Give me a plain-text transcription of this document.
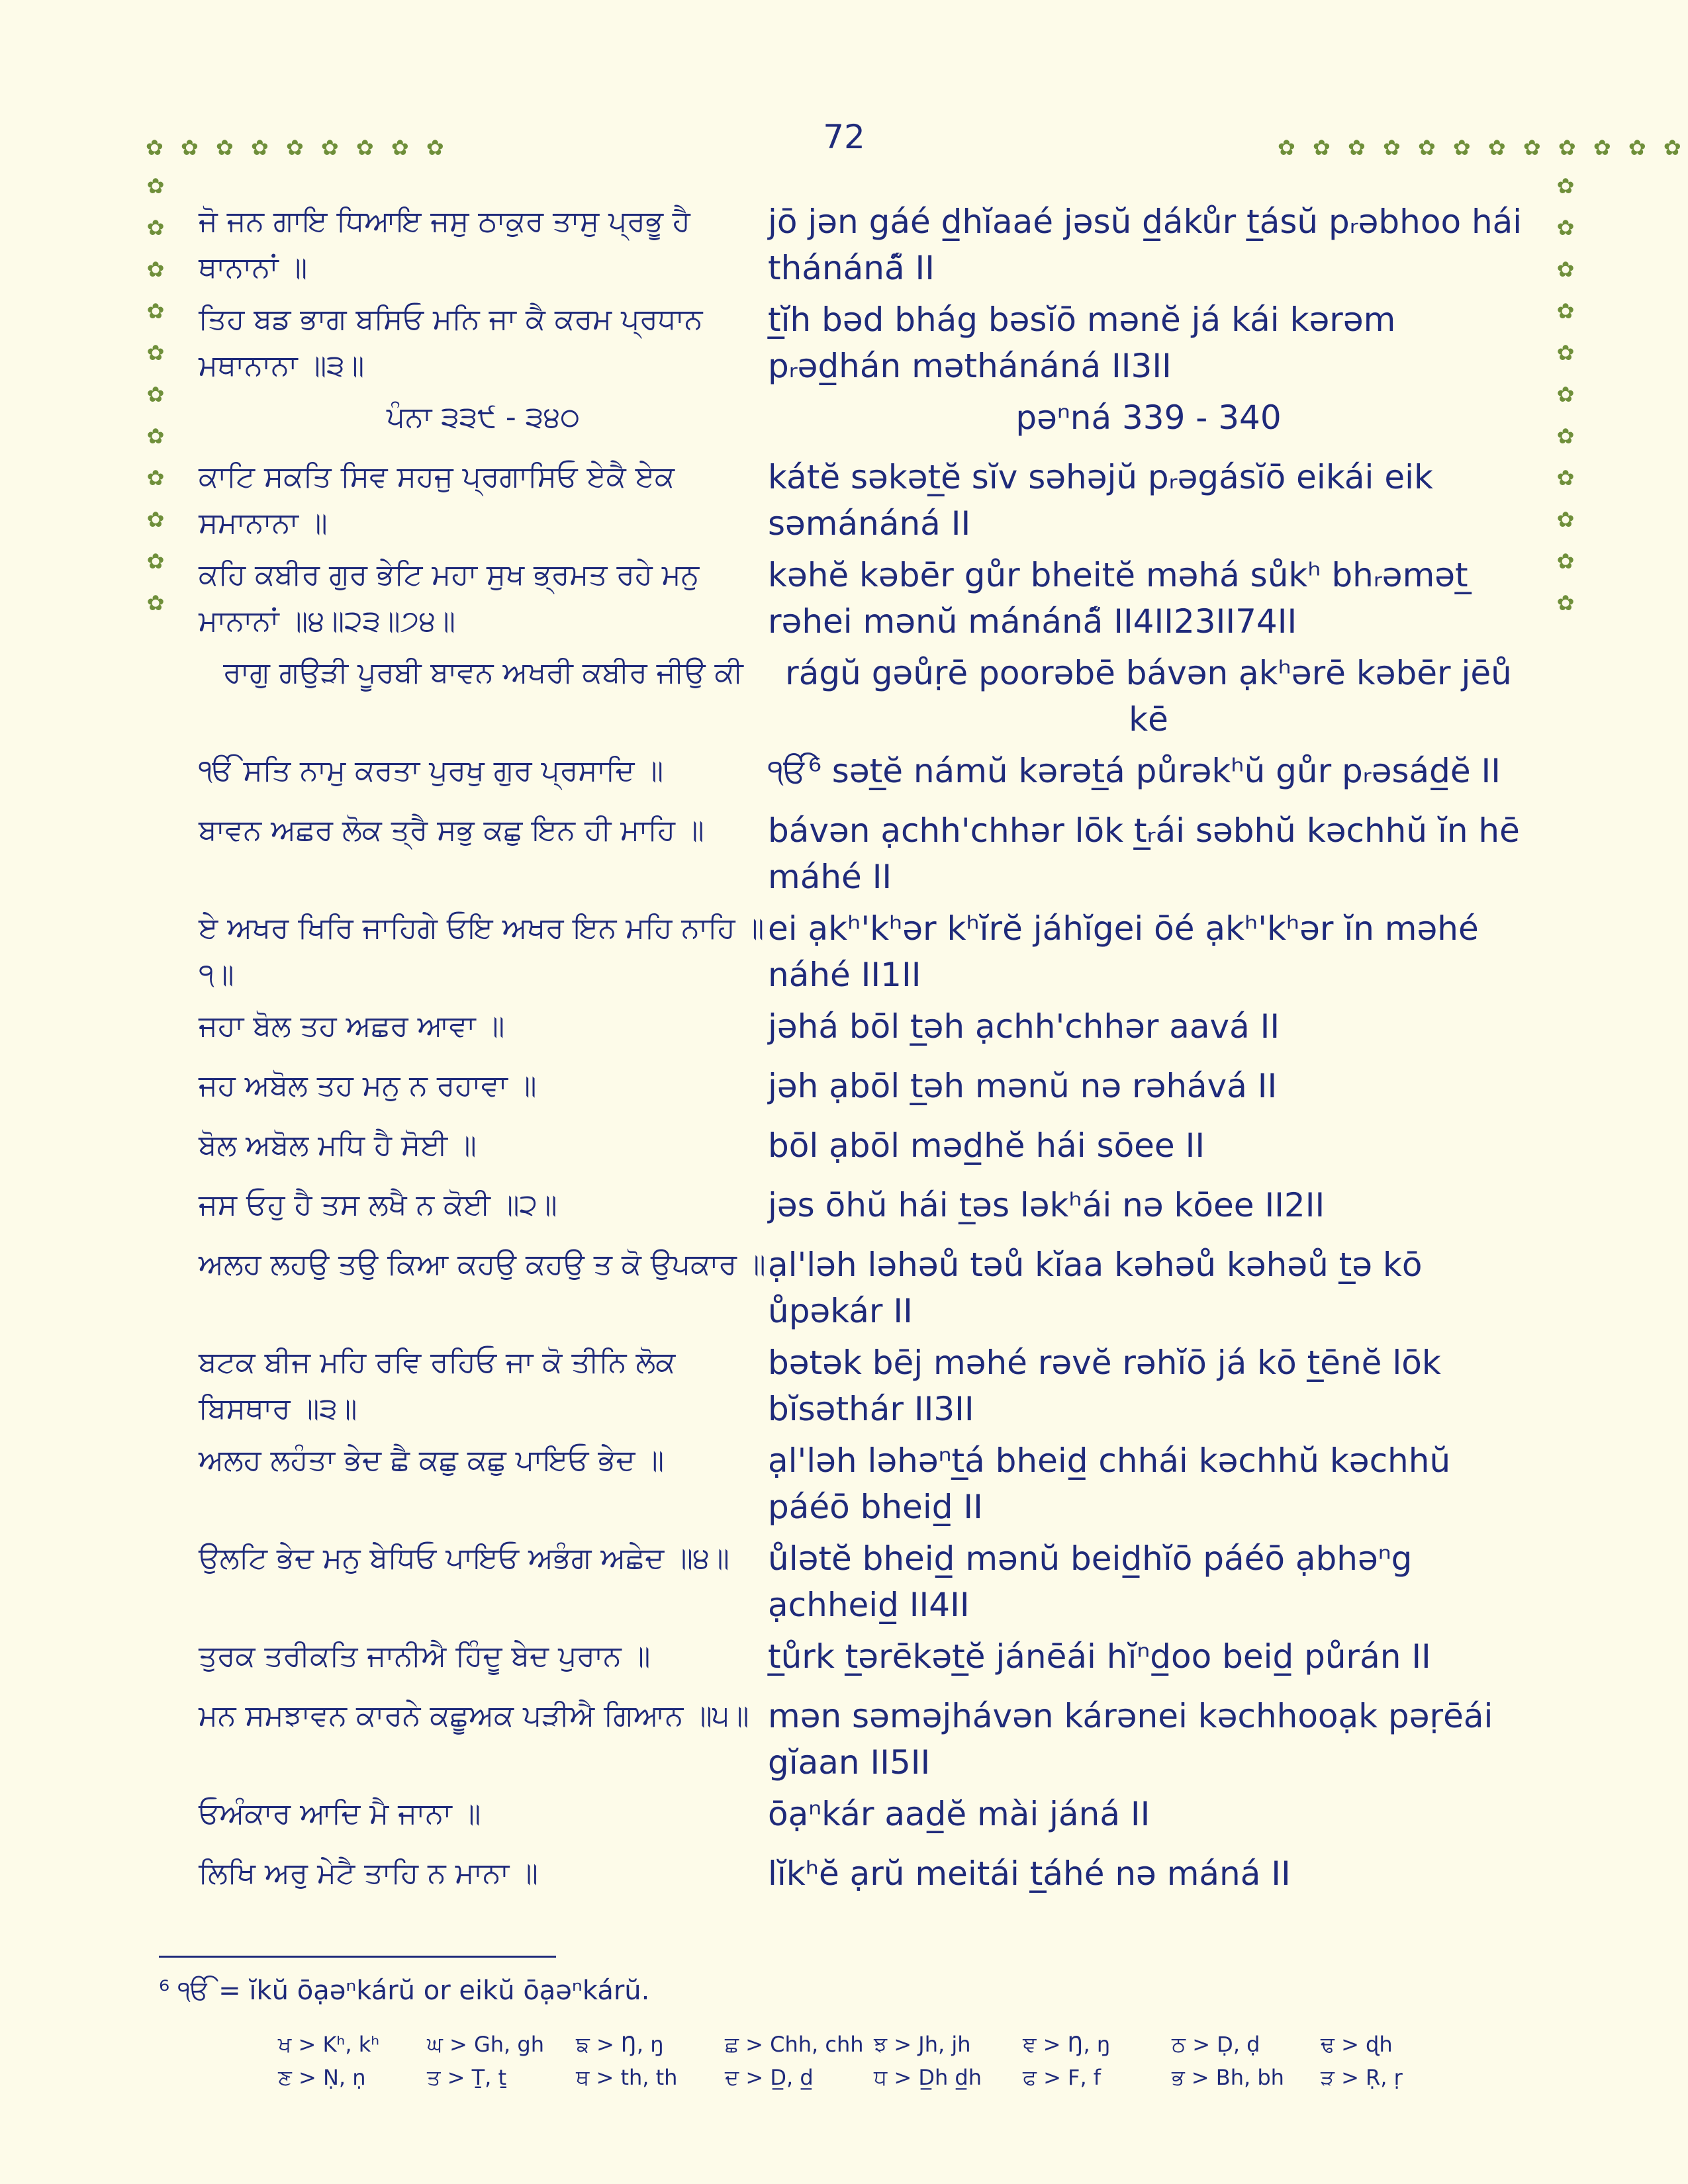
72
✿ ✿ ✿ ✿ ✿ ✿ ✿ ✿ ✿	✿ ✿ ✿ ✿ ✿ ✿ ✿ ✿ ✿ ✿ ✿ ✿
✿
✿
✿
✿
✿
✿
✿
✿
✿
✿
✿
✿
✿
✿
✿
✿
✿
✿
✿
✿
✿
✿
ਜੋ ਜਨ ਗਾਇ ਧਿਆਇ ਜਸੁ ਠਾਕੁਰ ਤਾਸੁ ਪ੍ਰਭੂ ਹੈ ਥਾਨਾਨਾਂ ॥
jō jən gáé d̲hĭaaé jəsŭ d̲ákůr t̲ásŭ pᵣəbhoo hái thánáná̃ II
ਤਿਹ ਬਡ ਭਾਗ ਬਸਿਓ ਮਨਿ ਜਾ ਕੈ ਕਰਮ ਪ੍ਰਧਾਨ ਮਥਾਨਾਨਾ ॥੩॥
t̲ĭh bəd bhág bəsĭō mənĕ já kái kərəm pᵣəd̲hán məthánáná II3II
ਪੰਨਾ ੩੩੯ - ੩੪੦	pəⁿná 339 - 340
ਕਾਟਿ ਸਕਤਿ ਸਿਵ ਸਹਜੁ ਪ੍ਰਗਾਸਿਓ ਏਕੈ ਏਕ ਸਮਾਨਾਨਾ ॥
kátĕ səkət̲ĕ sĭv səhəjŭ pᵣəgásĭō eikái eik səmánáná II
ਕਹਿ ਕਬੀਰ ਗੁਰ ਭੇਟਿ ਮਹਾ ਸੁਖ ਭ੍ਰਮਤ ਰਹੇ ਮਨੁ ਮਾਨਾਨਾਂ ॥੪॥੨੩॥੭੪॥
kəhĕ kəbēr gůr bheitĕ məhá sůkʰ bhᵣəmət̲ rəhei mənŭ mánáná̃ II4II23II74II
ਰਾਗੁ ਗਉੜੀ ਪੂਰਬੀ ਬਾਵਨ ਅਖਰੀ ਕਬੀਰ ਜੀਉ ਕੀ	rágŭ gəůṛē poorəbē bávən ạkʰərē kəbēr jēů kē
ੴ ਸਤਿ ਨਾਮੁ ਕਰਤਾ ਪੁਰਖੁ ਗੁਰ ਪ੍ਰਸਾਦਿ ॥	ੴ⁶ sət̲ĕ námŭ kərət̲á půrəkʰŭ gůr pᵣəsád̲ĕ II
ਬਾਵਨ ਅਛਰ ਲੋਕ ਤ੍ਰੈ ਸਭੁ ਕਛੁ ਇਨ ਹੀ ਮਾਹਿ ॥	bávən ạchh'chhər lōk t̲ᵣái səbhŭ kəchhŭ ĭn hē máhé II
ਏ ਅਖਰ ਖਿਰਿ ਜਾਹਿਗੇ ਓਇ ਅਖਰ ਇਨ ਮਹਿ ਨਾਹਿ ॥੧॥
ei ạkʰ'kʰər kʰĭrĕ jáhĭgei ōé ạkʰ'kʰər ĭn məhé náhé II1II
ਜਹਾ ਬੋਲ ਤਹ ਅਛਰ ਆਵਾ ॥	jəhá bōl t̲əh ạchh'chhər aavá II
ਜਹ ਅਬੋਲ ਤਹ ਮਨੁ ਨ ਰਹਾਵਾ ॥	jəh ạbōl t̲əh mənŭ nə rəhává II
ਬੋਲ ਅਬੋਲ ਮਧਿ ਹੈ ਸੋਈ ॥	bōl ạbōl məd̲hĕ hái sōee II
ਜਸ ਓਹੁ ਹੈ ਤਸ ਲਖੈ ਨ ਕੋਈ ॥੨॥	jəs ōhŭ hái t̲əs ləkʰái nə kōee II2II
ਅਲਹ ਲਹਉ ਤਉ ਕਿਆ ਕਹਉ ਕਹਉ ਤ ਕੋ ਉਪਕਾਰ ॥ ạl'ləh ləhəů təů kĭaa kəhəů kəhəů t̲ə kō ůpəkár II
ਬਟਕ ਬੀਜ ਮਹਿ ਰਵਿ ਰਹਿਓ ਜਾ ਕੋ ਤੀਨਿ ਲੋਕ ਬਿਸਥਾਰ ॥੩॥
bətək bēj məhé rəvĕ rəhĭō já kō t̲ēnĕ lōk bĭsəthár II3II
ਅਲਹ ਲਹੰਤਾ ਭੇਦ ਛੈ ਕਛੁ ਕਛੁ ਪਾਇਓ ਭੇਦ ॥	ạl'ləh ləhəⁿt̲á bheid̲ chhái kəchhŭ kəchhŭ páéō bheid̲ II
ਉਲਟਿ ਭੇਦ ਮਨੁ ਬੇਧਿਓ ਪਾਇਓ ਅਭੰਗ ਅਛੇਦ ॥੪॥	ůlətĕ bheid̲ mənŭ beid̲hĭō páéō ạbhəⁿg ạchheid̲ II4II
ਤੁਰਕ ਤਰੀਕਤਿ ਜਾਨੀਐ ਹਿੰਦੂ ਬੇਦ ਪੁਰਾਨ ॥	t̲ůrk t̲ərēkət̲ĕ jánēái hĭⁿd̲oo beid̲ půrán II
ਮਨ ਸਮਝਾਵਨ ਕਾਰਨੇ ਕਛੂਅਕ ਪੜੀਐ ਗਿਆਨ ॥੫॥ mən səməjhávən kárənei kəchhooạk pəṛēái gĭaan II5II
ਓਅੰਕਾਰ ਆਦਿ ਮੈ ਜਾਨਾ ॥	ōạⁿkár aad̲ĕ mài jáná II
ਲਿਖਿ ਅਰੁ ਮੇਟੈ ਤਾਹਿ ਨ ਮਾਨਾ ॥	lĭkʰĕ ạrŭ meitái t̲áhé nə máná II
⁶ ੴ = ĭkŭ ōạəⁿkárŭ or eikŭ ōạəⁿkárŭ.
ਖ > Kʰ, kʰ	ਘ > Gh, gh	ਙ > Ŋ, ŋ	ਛ > Chh, chh ਝ > Jh, jh	ਞ > Ŋ, ŋ	ਠ > Ḍ, ḍ	ਢ > ɖh
ਣ > Ṇ, ṇ	ਤ > Ṯ, ṯ	ਥ > th, th	ਦ > D̲, d̲	ਧ > D̲h d̲h	ਫ > F, f	ਭ > Bh, bh	ੜ > Ṛ, ṛ
